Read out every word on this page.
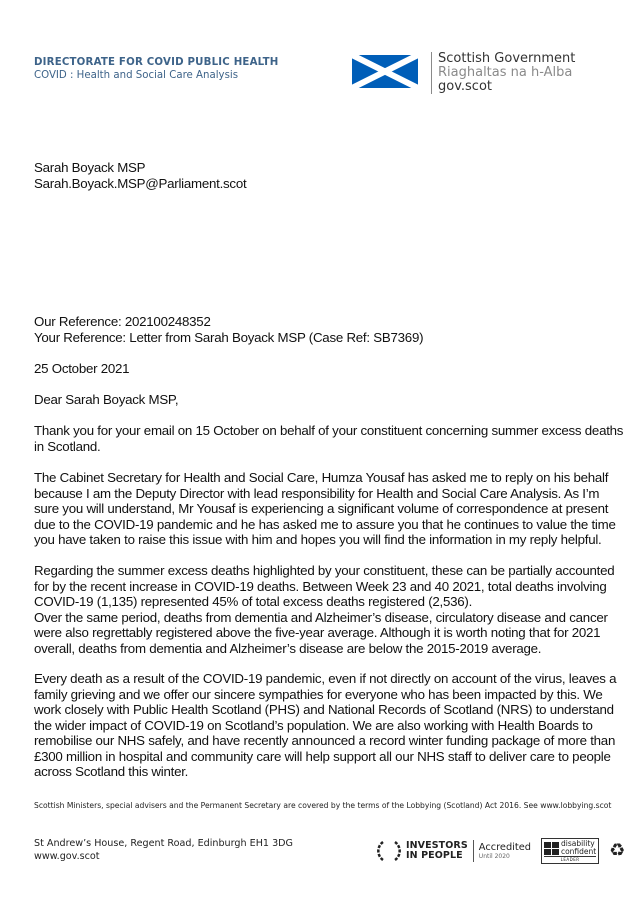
DIRECTORATE FOR COVID PUBLIC HEALTH
COVID : Health and Social Care Analysis
Scottish Government
Riaghaltas na h-Alba
gov.scot
Sarah Boyack MSP
Sarah.Boyack.MSP@Parliament.scot
Our Reference: 202100248352
Your Reference: Letter from Sarah Boyack MSP (Case Ref: SB7369)
25 October 2021
Dear Sarah Boyack MSP,
Thank you for your email on 15 October on behalf of your constituent concerning summer excess deaths in Scotland.
The Cabinet Secretary for Health and Social Care, Humza Yousaf has asked me to reply on his behalf because I am the Deputy Director with lead responsibility for Health and Social Care Analysis. As I’m sure you will understand, Mr Yousaf is experiencing a significant volume of correspondence at present due to the COVID-19 pandemic and he has asked me to assure you that he continues to value the time you have taken to raise this issue with him and hopes you will find the information in my reply helpful.
Regarding the summer excess deaths highlighted by your constituent, these can be partially accounted for by the recent increase in COVID-19 deaths. Between Week 23 and 40 2021, total deaths involving COVID-19 (1,135) represented 45% of total excess deaths registered (2,536).
Over the same period, deaths from dementia and Alzheimer’s disease, circulatory disease and cancer were also regrettably registered above the five-year average. Although it is worth noting that for 2021 overall, deaths from dementia and Alzheimer’s disease are below the 2015-2019 average.
Every death as a result of the COVID-19 pandemic, even if not directly on account of the virus, leaves a family grieving and we offer our sincere sympathies for everyone who has been impacted by this. We work closely with Public Health Scotland (PHS) and National Records of Scotland (NRS) to understand the wider impact of COVID-19 on Scotland’s population. We are also working with Health Boards to remobilise our NHS safely, and have recently announced a record winter funding package of more than £300 million in hospital and community care will help support all our NHS staff to deliver care to people across Scotland this winter.
Scottish Ministers, special advisers and the Permanent Secretary are covered by the terms of the Lobbying (Scotland) Act 2016. See www.lobbying.scot
St Andrew’s House, Regent Road, Edinburgh EH1 3DG
www.gov.scot
INVESTORS
IN PEOPLE
Accredited
Until 2020
disability
confident
LEADER	♻
